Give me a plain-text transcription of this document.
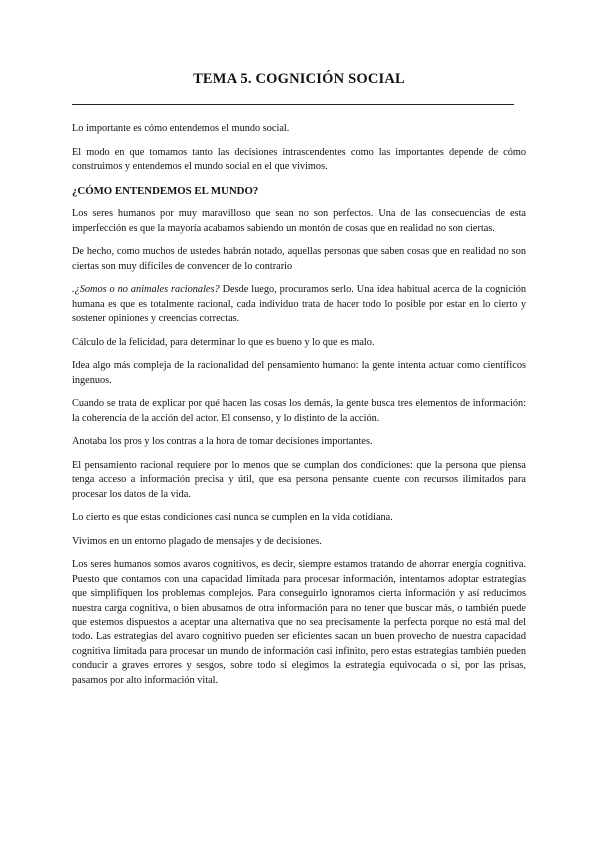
TEMA 5. COGNICIÓN SOCIAL

Lo importante es cómo entendemos el mundo social.

El modo en que tomamos tanto las decisiones intrascendentes como las importantes depende de cómo construimos y entendemos el mundo social en el que vivimos.

¿CÓMO ENTENDEMOS EL MUNDO?

Los seres humanos por muy maravilloso que sean no son perfectos. Una de las consecuencias de esta imperfección es que la mayoría acabamos sabiendo un montón de cosas que en realidad no son ciertas.

De hecho, como muchos de ustedes habrán notado, aquellas personas que saben cosas que en realidad no son ciertas son muy difíciles de convencer de lo contrario

.¿Somos o no animales racionales? Desde luego, procuramos serlo. Una idea habitual acerca de la cognición humana es que es totalmente racional, cada individuo trata de hacer todo lo posible por estar en lo cierto y sostener opiniones y creencias correctas.

Cálculo de la felicidad, para determinar lo que es bueno y lo que es malo.

Idea algo más compleja de la racionalidad del pensamiento humano: la gente intenta actuar como científicos ingenuos.

Cuando se trata de explicar por qué hacen las cosas los demás, la gente busca tres elementos de información: la coherencia de la acción del actor. El consenso, y lo distinto de la acción.

Anotaba los pros y los contras a la hora de tomar decisiones importantes.

El pensamiento racional requiere por lo menos que se cumplan dos condiciones: que la persona que piensa tenga acceso a información precisa y útil, que esa persona pensante cuente con recursos ilimitados para procesar los datos de la vida.

Lo cierto es que estas condiciones casi nunca se cumplen en la vida cotidiana.

Vivimos en un entorno plagado de mensajes y de decisiones.

Los seres humanos somos avaros cognitivos, es decir, siempre estamos tratando de ahorrar energía cognitiva. Puesto que contamos con una capacidad limitada para procesar información, intentamos adoptar estrategias que simplifiquen los problemas complejos. Para conseguirlo ignoramos cierta información y así reducimos nuestra carga cognitiva, o bien abusamos de otra información para no tener que buscar más, o también puede que estemos dispuestos a aceptar una alternativa que no sea precisamente la perfecta porque no está mal del todo. Las estrategias del avaro cognitivo pueden ser eficientes sacan un buen provecho de nuestra capacidad cognitiva limitada para procesar un mundo de información casi infinito, pero estas estrategias también pueden conducir a graves errores y sesgos, sobre todo si elegimos la estrategia equivocada o si, por las prisas, pasamos por alto información vital.
